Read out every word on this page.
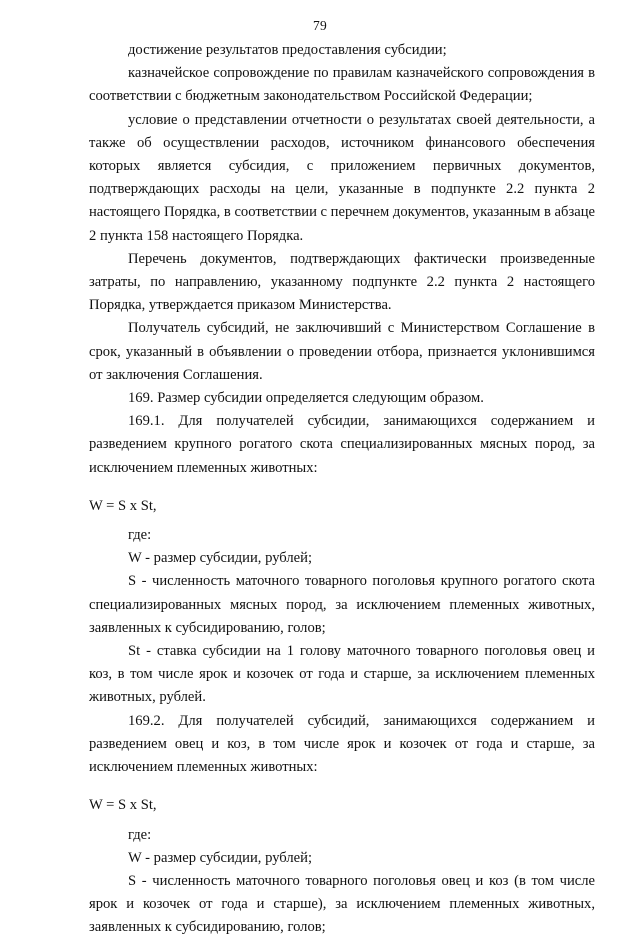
79

достижение результатов предоставления субсидии;

казначейское сопровождение по правилам казначейского сопровождения в соответствии с бюджетным законодательством Российской Федерации;

условие о представлении отчетности о результатах своей деятельности, а также об осуществлении расходов, источником финансового обеспечения которых является субсидия, с приложением первичных документов, подтверждающих расходы на цели, указанные в подпункте 2.2 пункта 2 настоящего Порядка, в соответствии с перечнем документов, указанным в абзаце 2 пункта 158 настоящего Порядка.

Перечень документов, подтверждающих фактически произведенные затраты, по направлению, указанному подпункте 2.2 пункта 2 настоящего Порядка, утверждается приказом Министерства.

Получатель субсидий, не заключивший с Министерством Соглашение в срок, указанный в объявлении о проведении отбора, признается уклонившимся от заключения Соглашения.

169. Размер субсидии определяется следующим образом.

169.1. Для получателей субсидии, занимающихся содержанием и разведением крупного рогатого скота специализированных мясных пород, за исключением племенных животных:

W = S x St,

где:

W - размер субсидии, рублей;

S - численность маточного товарного поголовья крупного рогатого скота специализированных мясных пород, за исключением племенных животных, заявленных к субсидированию, голов;

St - ставка субсидии на 1 голову маточного товарного поголовья овец и коз, в том числе ярок и козочек от года и старше, за исключением племенных животных, рублей.

169.2. Для получателей субсидий, занимающихся содержанием и разведением овец и коз, в том числе ярок и козочек от года и старше, за исключением племенных животных:

W = S x St,

где:

W - размер субсидии, рублей;

S - численность маточного товарного поголовья овец и коз (в том числе ярок и козочек от года и старше), за исключением племенных животных, заявленных к субсидированию, голов;
